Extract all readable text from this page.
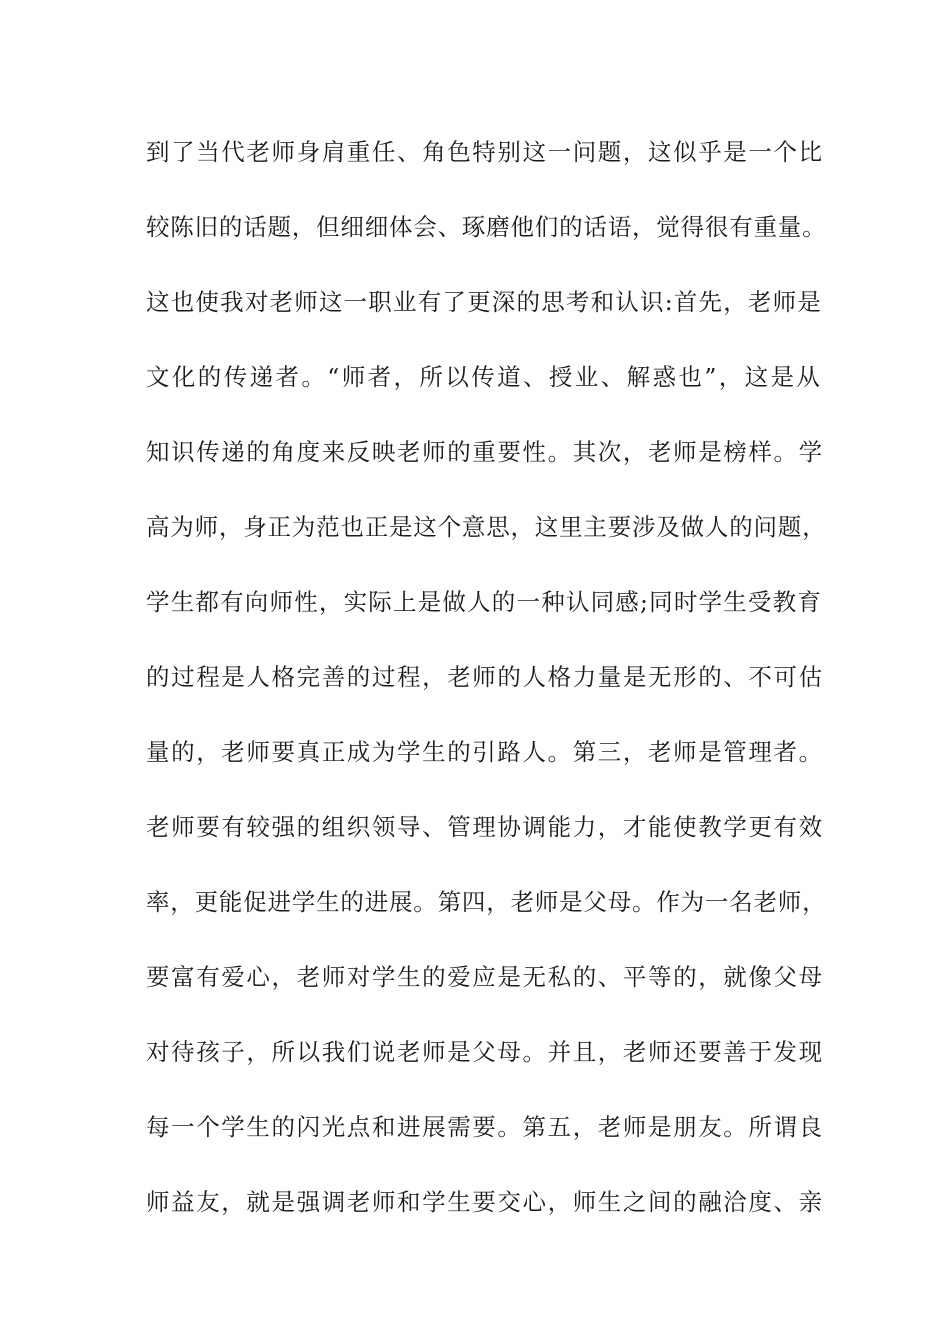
到了当代老师身肩重任、角色特别这一问题，这似乎是一个比
较陈旧的话题，但细细体会、琢磨他们的话语，觉得很有重量。
这也使我对老师这一职业有了更深的思考和认识:首先，老师是
文化的传递者。“师者，所以传道、授业、解惑也”，这是从
知识传递的角度来反映老师的重要性。其次，老师是榜样。学
高为师，身正为范也正是这个意思，这里主要涉及做人的问题，
学生都有向师性，实际上是做人的一种认同感;同时学生受教育
的过程是人格完善的过程，老师的人格力量是无形的、不可估
量的，老师要真正成为学生的引路人。第三，老师是管理者。
老师要有较强的组织领导、管理协调能力，才能使教学更有效
率，更能促进学生的进展。第四，老师是父母。作为一名老师，
要富有爱心，老师对学生的爱应是无私的、平等的，就像父母
对待孩子，所以我们说老师是父母。并且，老师还要善于发现
每一个学生的闪光点和进展需要。第五，老师是朋友。所谓良
师益友，就是强调老师和学生要交心，师生之间的融洽度、亲
